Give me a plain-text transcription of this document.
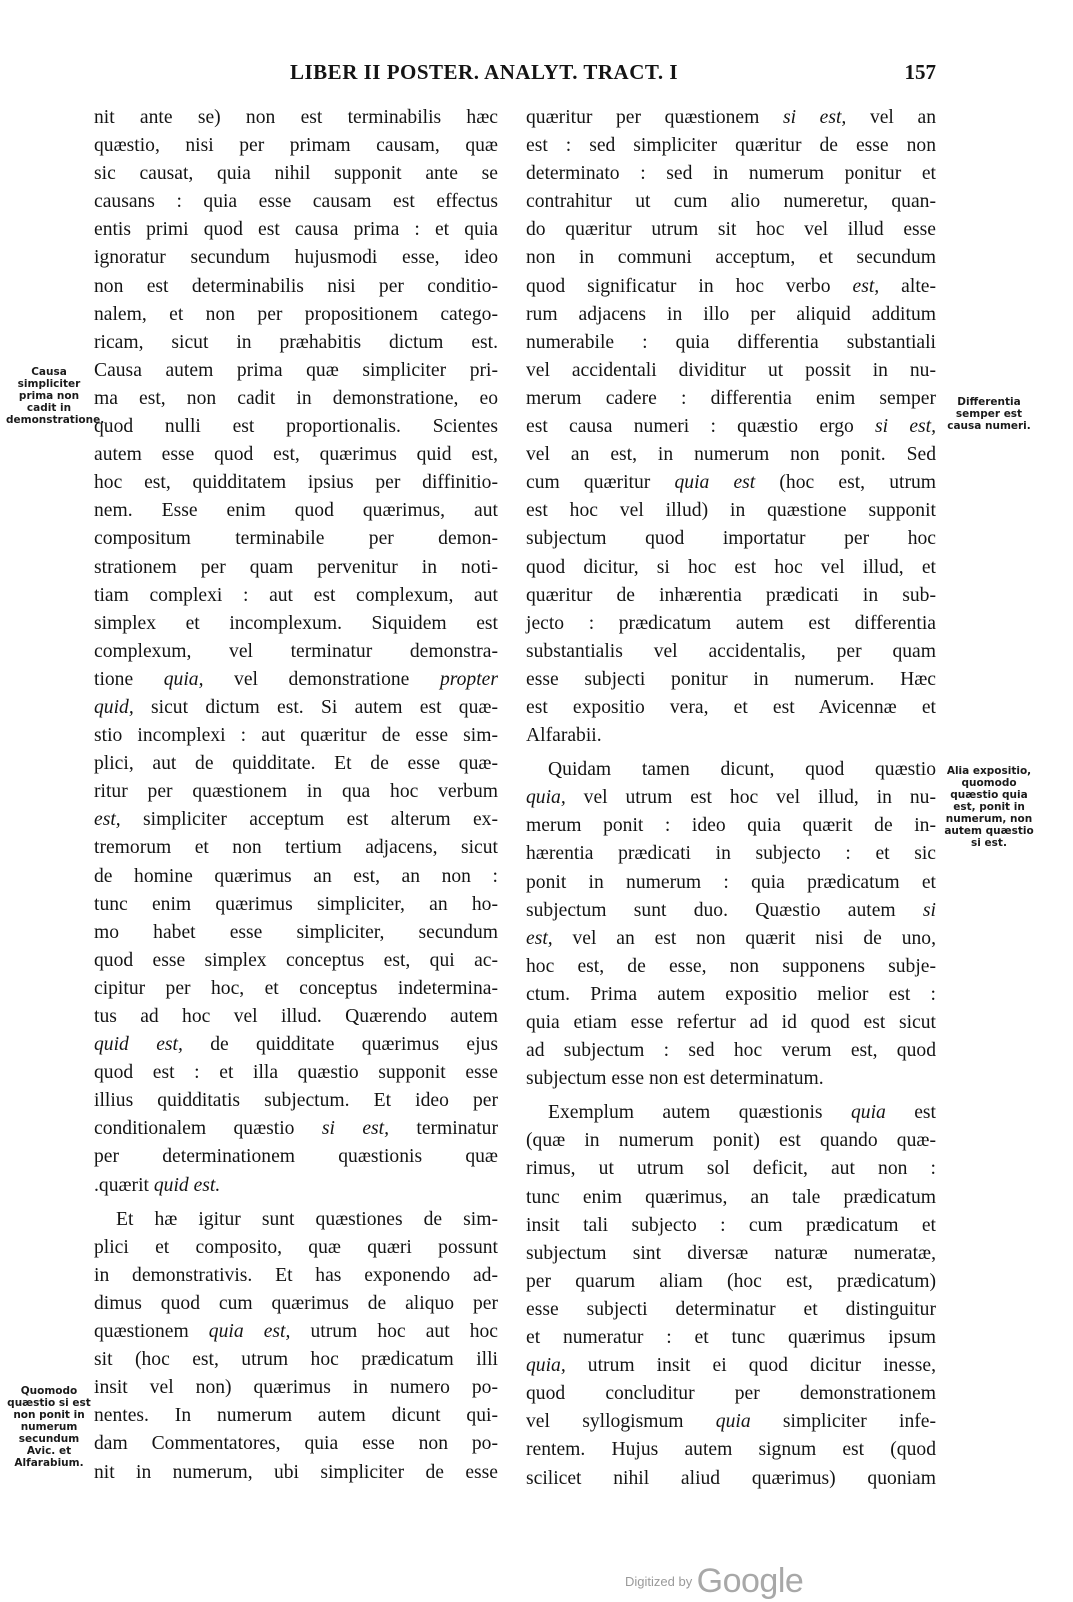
LIBER II POSTER. ANALYT. TRACT. I	157
Causa simpliciter prima non cadit in demonstratione.
Quomodo quæstio si est non ponit in numerum secundum Avic. et Alfarabium.
Differentia semper est causa numeri.
Alia expositio, quomodo quæstio quia est, ponit in numerum, non autem quæstio si est.
nit ante se) non est terminabilis hæc
quæstio, nisi per primam causam, quæ
sic causat, quia nihil supponit ante se
causans : quia esse causam est effectus
entis primi quod est causa prima : et quia
ignoratur secundum hujusmodi esse, ideo
non est determinabilis nisi per conditio-
nalem, et non per propositionem catego-
ricam, sicut in præhabitis dictum est.
Causa autem prima quæ simpliciter pri-
ma est, non cadit in demonstratione, eo
quod nulli est proportionalis. Scientes
autem esse quod est, quærimus quid est,
hoc est, quidditatem ipsius per diffinitio-
nem. Esse enim quod quærimus, aut
compositum terminabile per demon-
strationem per quam pervenitur in noti-
tiam complexi : aut est complexum, aut
simplex et incomplexum. Siquidem est
complexum, vel terminatur demonstra-
tione quia, vel demonstratione propter
quid, sicut dictum est. Si autem est quæ-
stio incomplexi : aut quæritur de esse sim-
plici, aut de quidditate. Et de esse quæ-
ritur per quæstionem in qua hoc verbum
est, simpliciter acceptum est alterum ex-
tremorum et non tertium adjacens, sicut
de homine quærimus an est, an non :
tunc enim quærimus simpliciter, an ho-
mo habet esse simpliciter, secundum
quod esse simplex conceptus est, qui ac-
cipitur per hoc, et conceptus indetermina-
tus ad hoc vel illud. Quærendo autem
quid est, de quidditate quærimus ejus
quod est : et illa quæstio supponit esse
illius quidditatis subjectum. Et ideo per
conditionalem quæstio si est, terminatur
per determinationem quæstionis quæ
.quærit quid est.
Et hæ igitur sunt quæstiones de sim-
plici et composito, quæ quæri possunt
in demonstrativis. Et has exponendo ad-
dimus quod cum quærimus de aliquo per
quæstionem quia est, utrum hoc aut hoc
sit (hoc est, utrum hoc prædicatum illi
insit vel non) quærimus in numero po-
nentes. In numerum autem dicunt qui-
dam Commentatores, quia esse non po-
nit in numerum, ubi simpliciter de esse
quæritur per quæstionem si est, vel an
est : sed simpliciter quæritur de esse non
determinato : sed in numerum ponitur et
contrahitur ut cum alio numeretur, quan-
do quæritur utrum sit hoc vel illud esse
non in communi acceptum, et secundum
quod significatur in hoc verbo est, alte-
rum adjacens in illo per aliquid additum
numerabile : quia differentia substantiali
vel accidentali dividitur ut possit in nu-
merum cadere : differentia enim semper
est causa numeri : quæstio ergo si est,
vel an est, in numerum non ponit. Sed
cum quæritur quia est (hoc est, utrum
est hoc vel illud) in quæstione supponit
subjectum quod importatur per hoc
quod dicitur, si hoc est hoc vel illud, et
quæritur de inhærentia prædicati in sub-
jecto : prædicatum autem est differentia
substantialis vel accidentalis, per quam
esse subjecti ponitur in numerum. Hæc
est expositio vera, et est Avicennæ et
Alfarabii.
Quidam tamen dicunt, quod quæstio
quia, vel utrum est hoc vel illud, in nu-
merum ponit : ideo quia quærit de in-
hærentia prædicati in subjecto : et sic
ponit in numerum : quia prædicatum et
subjectum sunt duo. Quæstio autem si
est, vel an est non quærit nisi de uno,
hoc est, de esse, non supponens subje-
ctum. Prima autem expositio melior est :
quia etiam esse refertur ad id quod est sicut
ad subjectum : sed hoc verum est, quod
subjectum esse non est determinatum.
Exemplum autem quæstionis quia est
(quæ in numerum ponit) est quando quæ-
rimus, ut utrum sol deficit, aut non :
tunc enim quærimus, an tale prædicatum
insit tali subjecto : cum prædicatum et
subjectum sint diversæ naturæ numeratæ,
per quarum aliam (hoc est, prædicatum)
esse subjecti determinatur et distinguitur
et numeratur : et tunc quærimus ipsum
quia, utrum insit ei quod dicitur inesse,
quod concluditur per demonstrationem
vel syllogismum quia simpliciter infe-
rentem. Hujus autem signum est (quod
scilicet nihil aliud quærimus) quoniam
Digitized by Google
